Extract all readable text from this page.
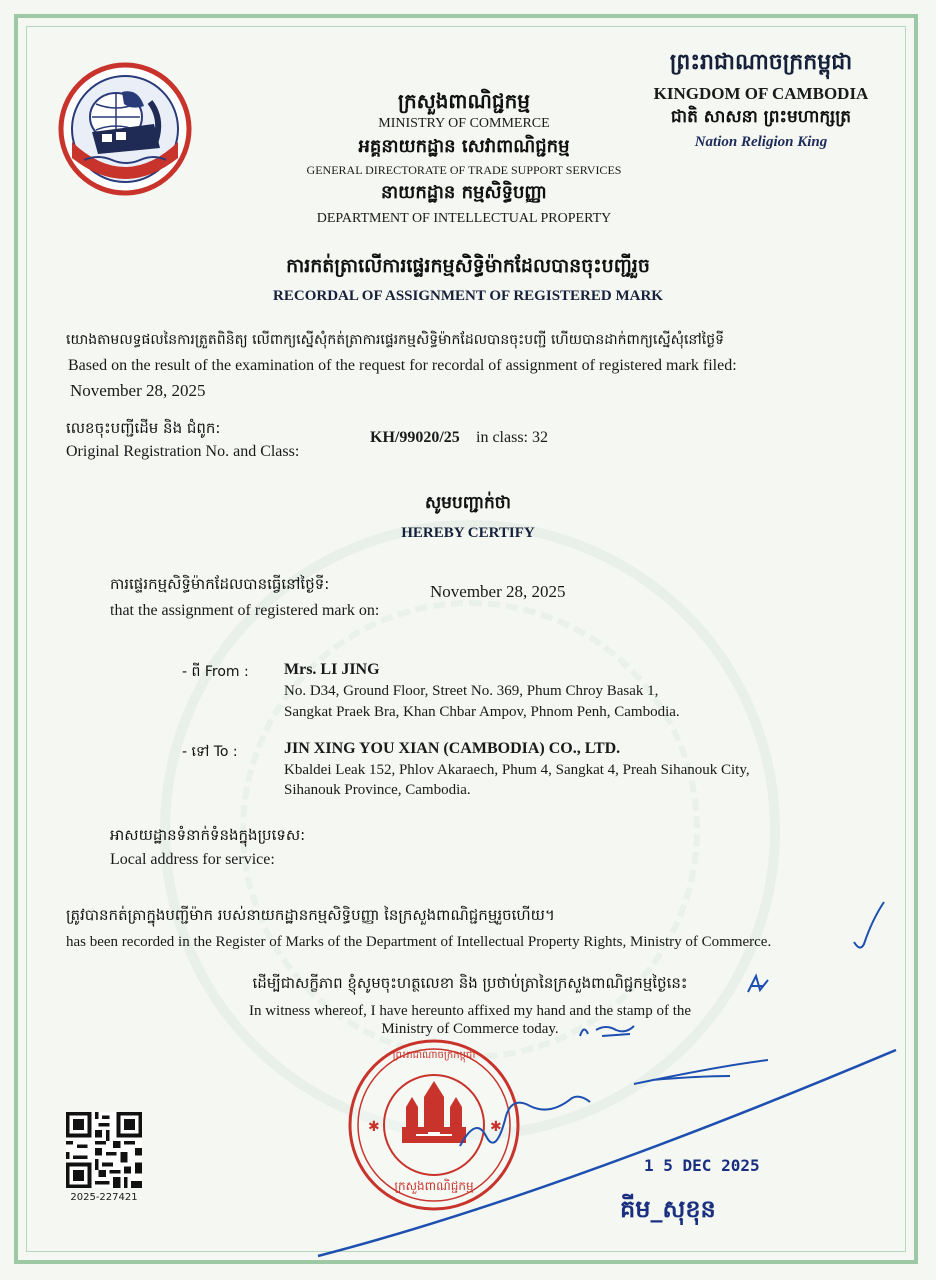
ក្រសួងពាណិជ្ជកម្ម
MINISTRY OF COMMERCE
អគ្គនាយកដ្ឋាន សេវាពាណិជ្ជកម្ម
GENERAL DIRECTORATE OF TRADE SUPPORT SERVICES
នាយកដ្ឋាន កម្មសិទ្ធិបញ្ញា
DEPARTMENT OF INTELLECTUAL PROPERTY
ព្រះរាជាណាចក្រកម្ពុជា
KINGDOM OF CAMBODIA
ជាតិ សាសនា ព្រះមហាក្សត្រ
Nation Religion King
ការកត់ត្រាលើការផ្ទេរកម្មសិទ្ធិម៉ាកដែលបានចុះបញ្ជីរួច
RECORDAL OF ASSIGNMENT OF REGISTERED MARK
យោងតាមលទ្ធផលនៃការត្រួតពិនិត្យ លើពាក្យស្នើសុំកត់ត្រាការផ្ទេរកម្មសិទ្ធិម៉ាកដែលបានចុះបញ្ជី ហើយបានដាក់ពាក្យស្នើសុំនៅថ្ងៃទី
Based on the result of the examination of the request for recordal of assignment of registered mark filed:
November 28, 2025
លេខចុះបញ្ជីដើម និង ជំពូក:
Original Registration No. and Class:
KH/99020/25 in class: 32
សូមបញ្ជាក់ថា
HEREBY CERTIFY
ការផ្ទេរកម្មសិទ្ធិម៉ាកដែលបានធ្វើនៅថ្ងៃទី:
that the assignment of registered mark on:
November 28, 2025
- ពី From : Mrs. LI JING
No. D34, Ground Floor, Street No. 369, Phum Chroy Basak 1,
Sangkat Praek Bra, Khan Chbar Ampov, Phnom Penh, Cambodia.
- ទៅ To :	JIN XING YOU XIAN (CAMBODIA) CO., LTD.
Kbaldei Leak 152, Phlov Akaraech, Phum 4, Sangkat 4, Preah Sihanouk City,
Sihanouk Province, Cambodia.
អាសយដ្ឋានទំនាក់ទំនងក្នុងប្រទេស:
Local address for service:
ត្រូវបានកត់ត្រាក្នុងបញ្ជីម៉ាក របស់នាយកដ្ឋានកម្មសិទ្ធិបញ្ញា នៃក្រសួងពាណិជ្ជកម្មរួចហើយ។
has been recorded in the Register of Marks of the Department of Intellectual Property Rights, Ministry of Commerce.
ដើម្បីជាសក្ខីភាព ខ្ញុំសូមចុះហត្ថលេខា និង ប្រថាប់ត្រានៃក្រសួងពាណិជ្ជកម្មថ្ងៃនេះ
In witness whereof, I have hereunto affixed my hand and the stamp of the
Ministry of Commerce today.
✱	✱
ព្រះរាជាណាចក្រកម្ពុជា
ក្រសួងពាណិជ្ជកម្ម
1 5 DEC 2025
គីម_សុខុន
2025-227421
